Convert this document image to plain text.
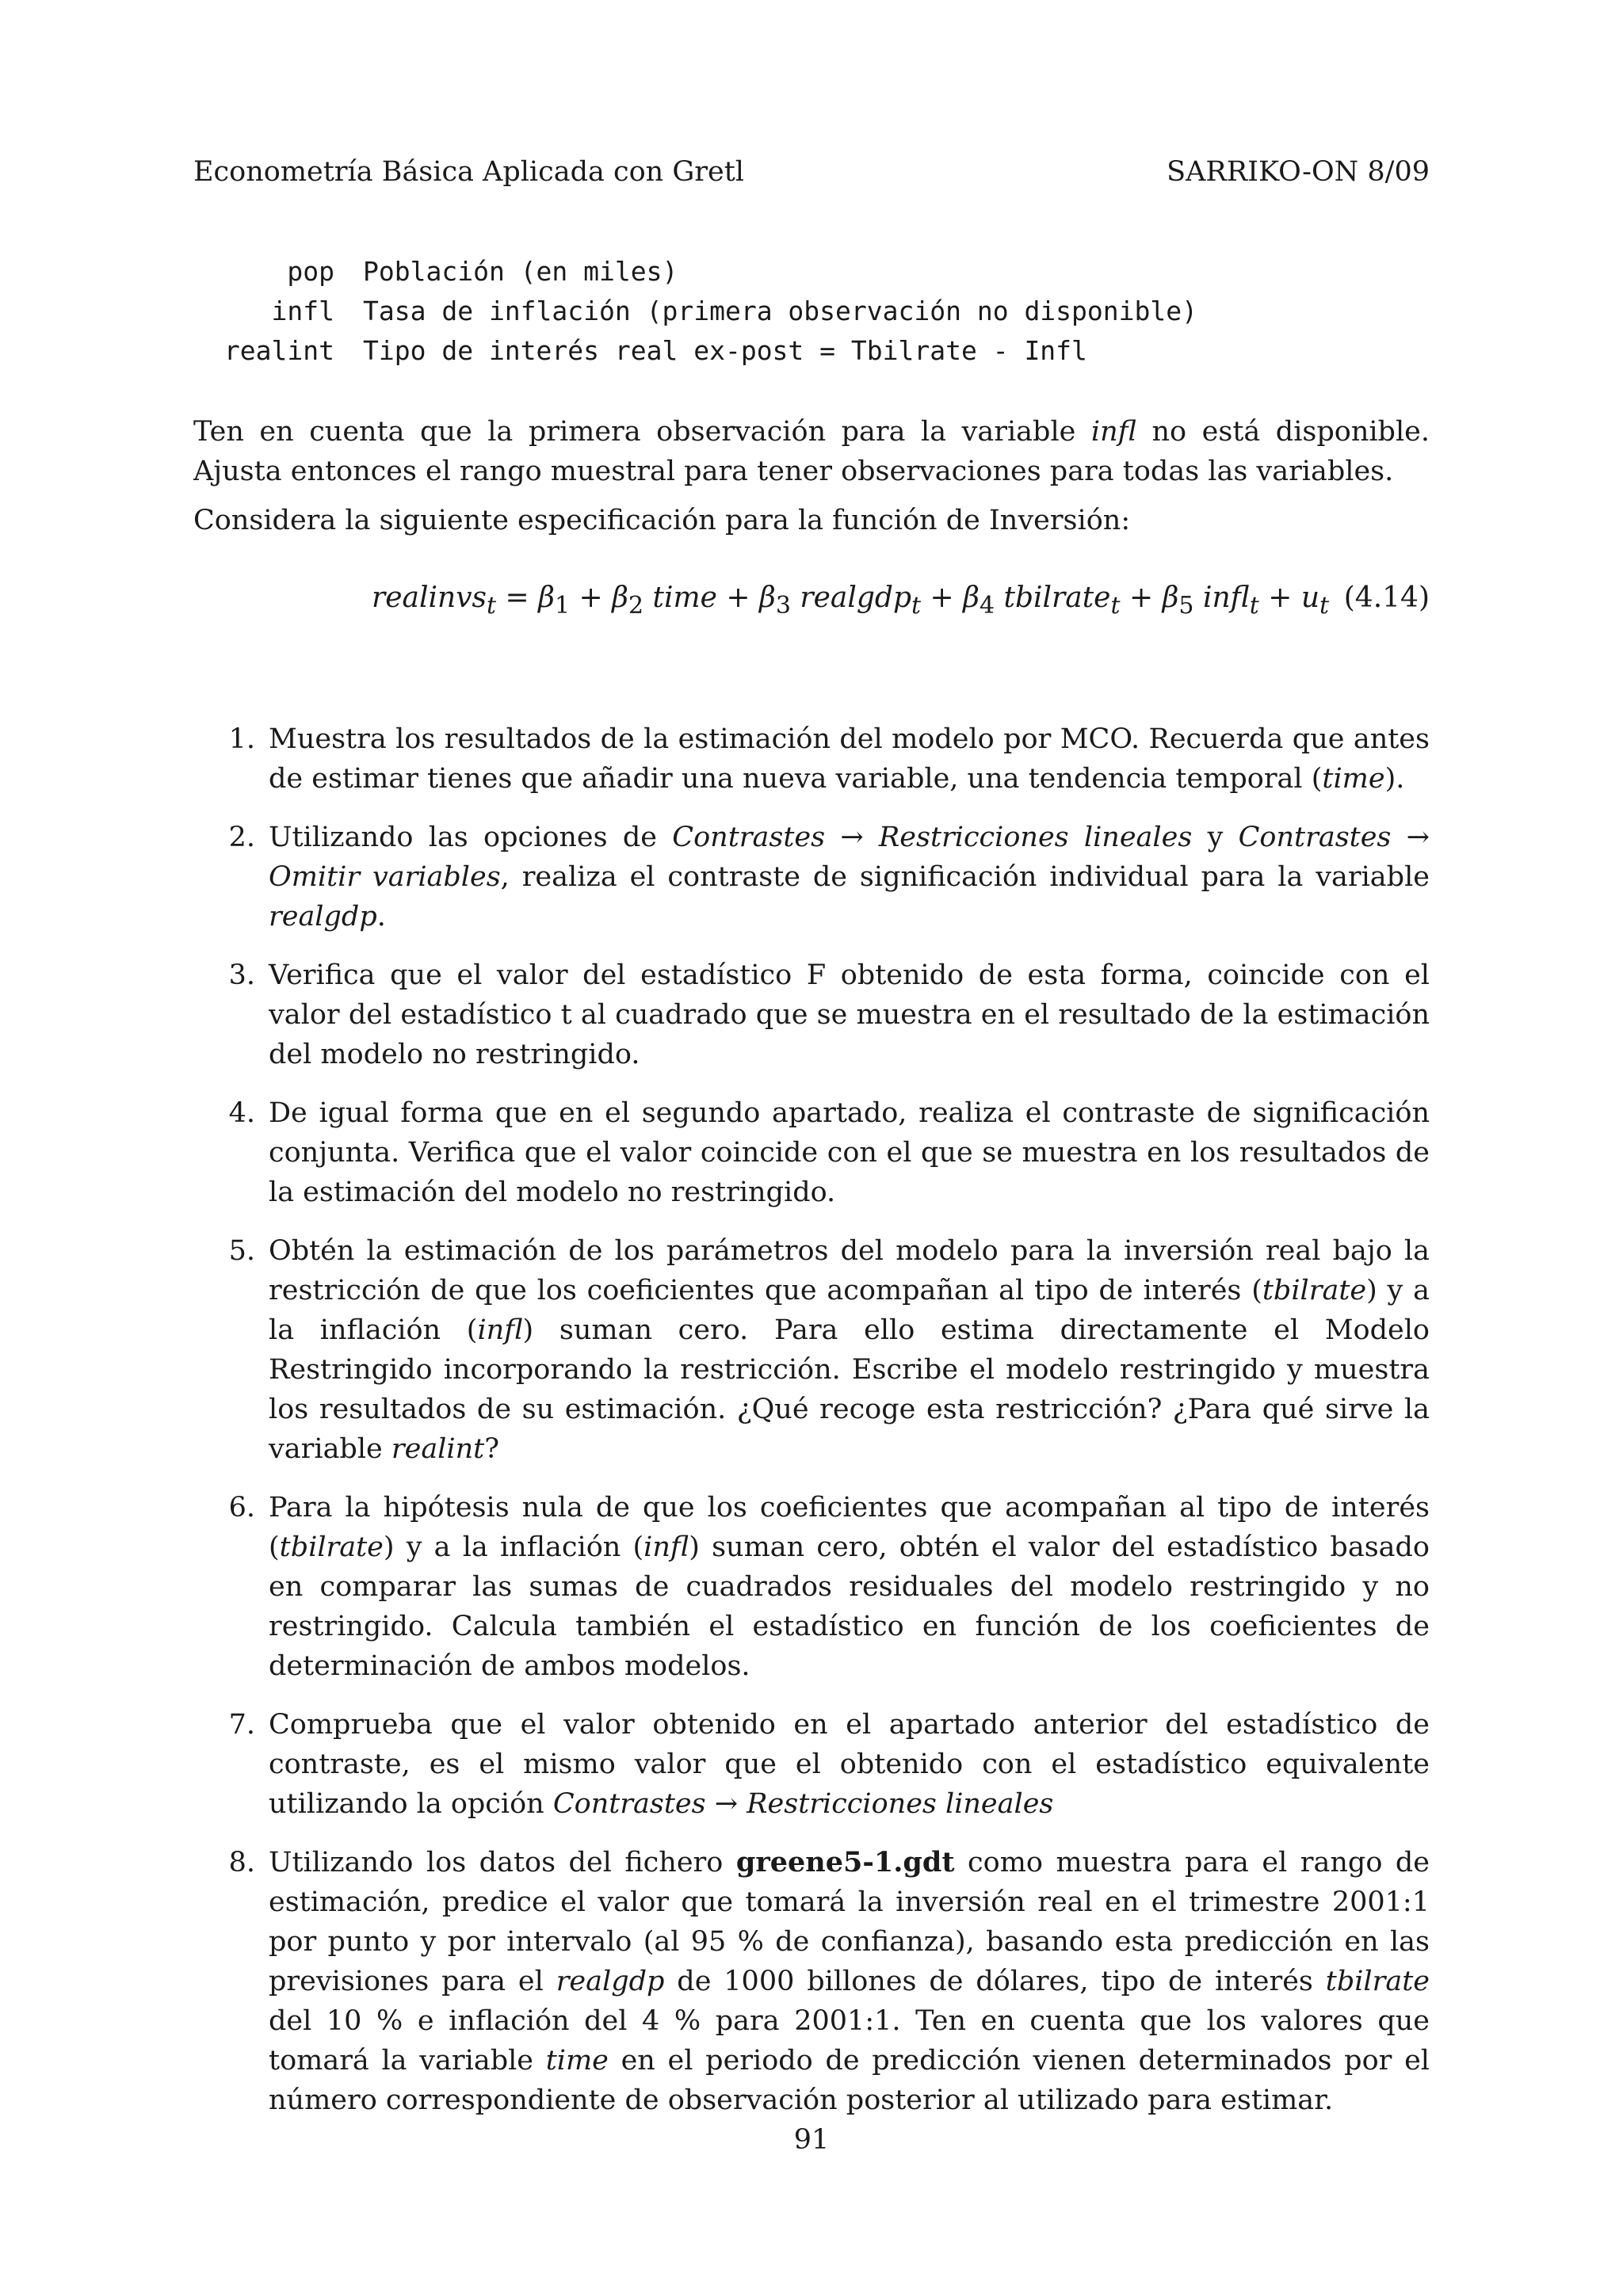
Econometría Básica Aplicada con Gretl	SARRIKO-ON 8/09
pop Población (en miles)
infl Tasa de inflación (primera observación no disponible)
realint Tipo de interés real ex-post = Tbilrate - Infl

Ten en cuenta que la primera observación para la variable infl no está disponible. Ajusta entonces el rango muestral para tener observaciones para todas las variables.

Considera la siguiente especificación para la función de Inversión:

realinvs$_t$ = $\beta_1 + \beta_2$ time + $\beta_3$ realgdp$_t$ + $\beta_4$ tbilrate$_t$ + $\beta_5$ infl$_t$ + $u_t$ (4.14)
1. Muestra los resultados de la estimación del modelo por MCO. Recuerda que antes de estimar tienes que añadir una nueva variable, una tendencia temporal (time).
2. Utilizando las opciones de Contrastes → Restricciones lineales y Contrastes → Omitir variables, realiza el contraste de significación individual para la variable realgdp.
3. Verifica que el valor del estadístico F obtenido de esta forma, coincide con el valor del estadístico t al cuadrado que se muestra en el resultado de la estimación del modelo no restringido.
4. De igual forma que en el segundo apartado, realiza el contraste de significación conjunta. Verifica que el valor coincide con el que se muestra en los resultados de la estimación del modelo no restringido.
5. Obtén la estimación de los parámetros del modelo para la inversión real bajo la restricción de que los coeficientes que acompañan al tipo de interés (tbilrate) y a la inflación (infl) suman cero. Para ello estima directamente el Modelo Restringido incorporando la restricción. Escribe el modelo restringido y muestra los resultados de su estimación. ¿Qué recoge esta restricción? ¿Para qué sirve la variable realint?
6. Para la hipótesis nula de que los coeficientes que acompañan al tipo de interés (tbilrate) y a la inflación (infl) suman cero, obtén el valor del estadístico basado en comparar las sumas de cuadrados residuales del modelo restringido y no restringido. Calcula también el estadístico en función de los coeficientes de determinación de ambos modelos.
7. Comprueba que el valor obtenido en el apartado anterior del estadístico de contraste, es el mismo valor que el obtenido con el estadístico equivalente utilizando la opción Contrastes → Restricciones lineales
8. Utilizando los datos del fichero greene5-1.gdt como muestra para el rango de estimación, predice el valor que tomará la inversión real en el trimestre 2001:1 por punto y por intervalo (al 95 % de confianza), basando esta predicción en las previsiones para el realgdp de 1000 billones de dólares, tipo de interés tbilrate del 10 % e inflación del 4 % para 2001:1. Ten en cuenta que los valores que tomará la variable time en el periodo de predicción vienen determinados por el número correspondiente de observación posterior al utilizado para estimar.
91
